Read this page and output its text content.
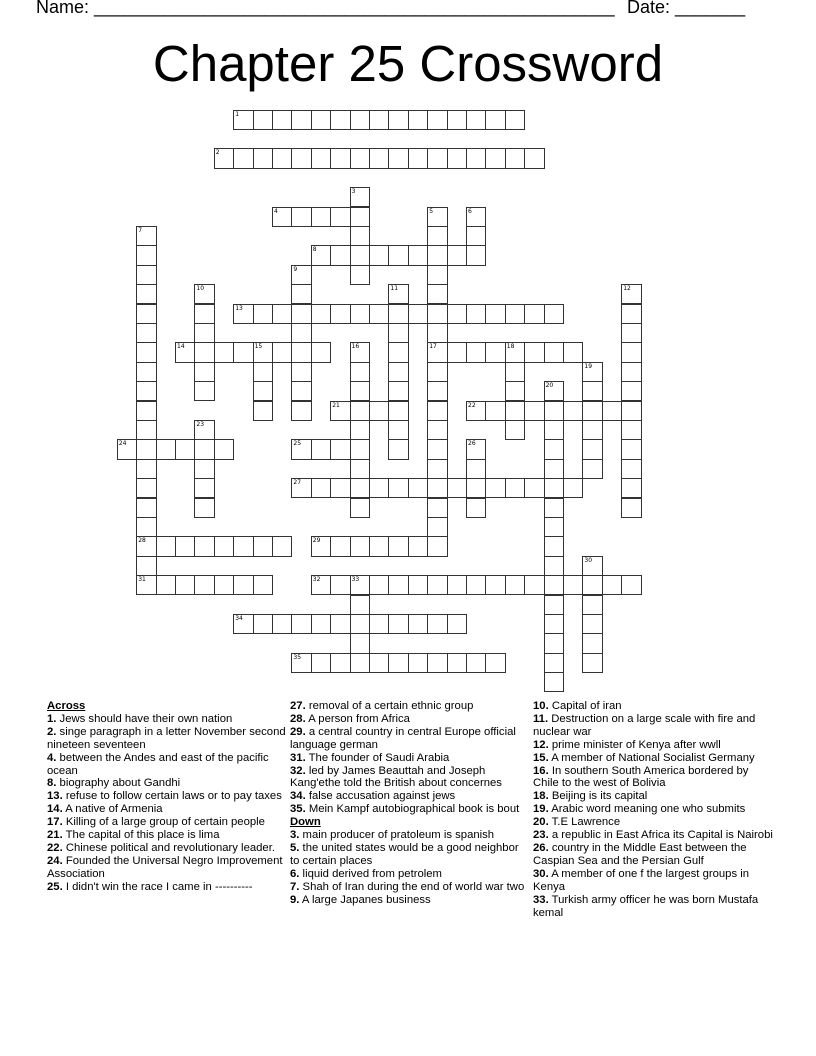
Name: ____________________________________________________ Date: _______
Chapter 25 Crossword
1
2
4
8
13
14	15	17	18
21	22
24	25
27
28	29
31	32	33
34
35
3
5	6
7
9
10	11	12
16
19
20
23
26
30

Across

1. Jews should have their own nation

2. singe paragraph in a letter November second nineteen seventeen

4. between the Andes and east of the pacific ocean

8. biography about Gandhi

13. refuse to follow certain laws or to pay taxes

14. A native of Armenia

17. Killing of a large group of certain people

21. The capital of this place is lima

22. Chinese political and revolutionary leader.

24. Founded the Universal Negro Improvement Association

25. I didn't win the race I came in ----------

27. removal of a certain ethnic group

28. A person from Africa

29. a central country in central Europe official language german

31. The founder of Saudi Arabia

32. led by James Beauttah and Joseph Kang'ethe told the British about concernes

34. false accusation against jews

35. Mein Kampf autobiographical book is bout

Down

3. main producer of pratoleum is spanish

5. the united states would be a good neighbor to certain places

6. liquid derived from petrolem

7. Shah of Iran during the end of world war two

9. A large Japanes business

10. Capital of iran

11. Destruction on a large scale with fire and nuclear war

12. prime minister of Kenya after wwll

15. A member of National Socialist Germany

16. In southern South America bordered by Chile to the west of Bolivia

18. Beijing is its capital

19. Arabic word meaning one who submits

20. T.E Lawrence

23. a republic in East Africa its Capital is Nairobi

26. country in the Middle East between the Caspian Sea and the Persian Gulf

30. A member of one f the largest groups in Kenya

33. Turkish army officer he was born Mustafa kemal
